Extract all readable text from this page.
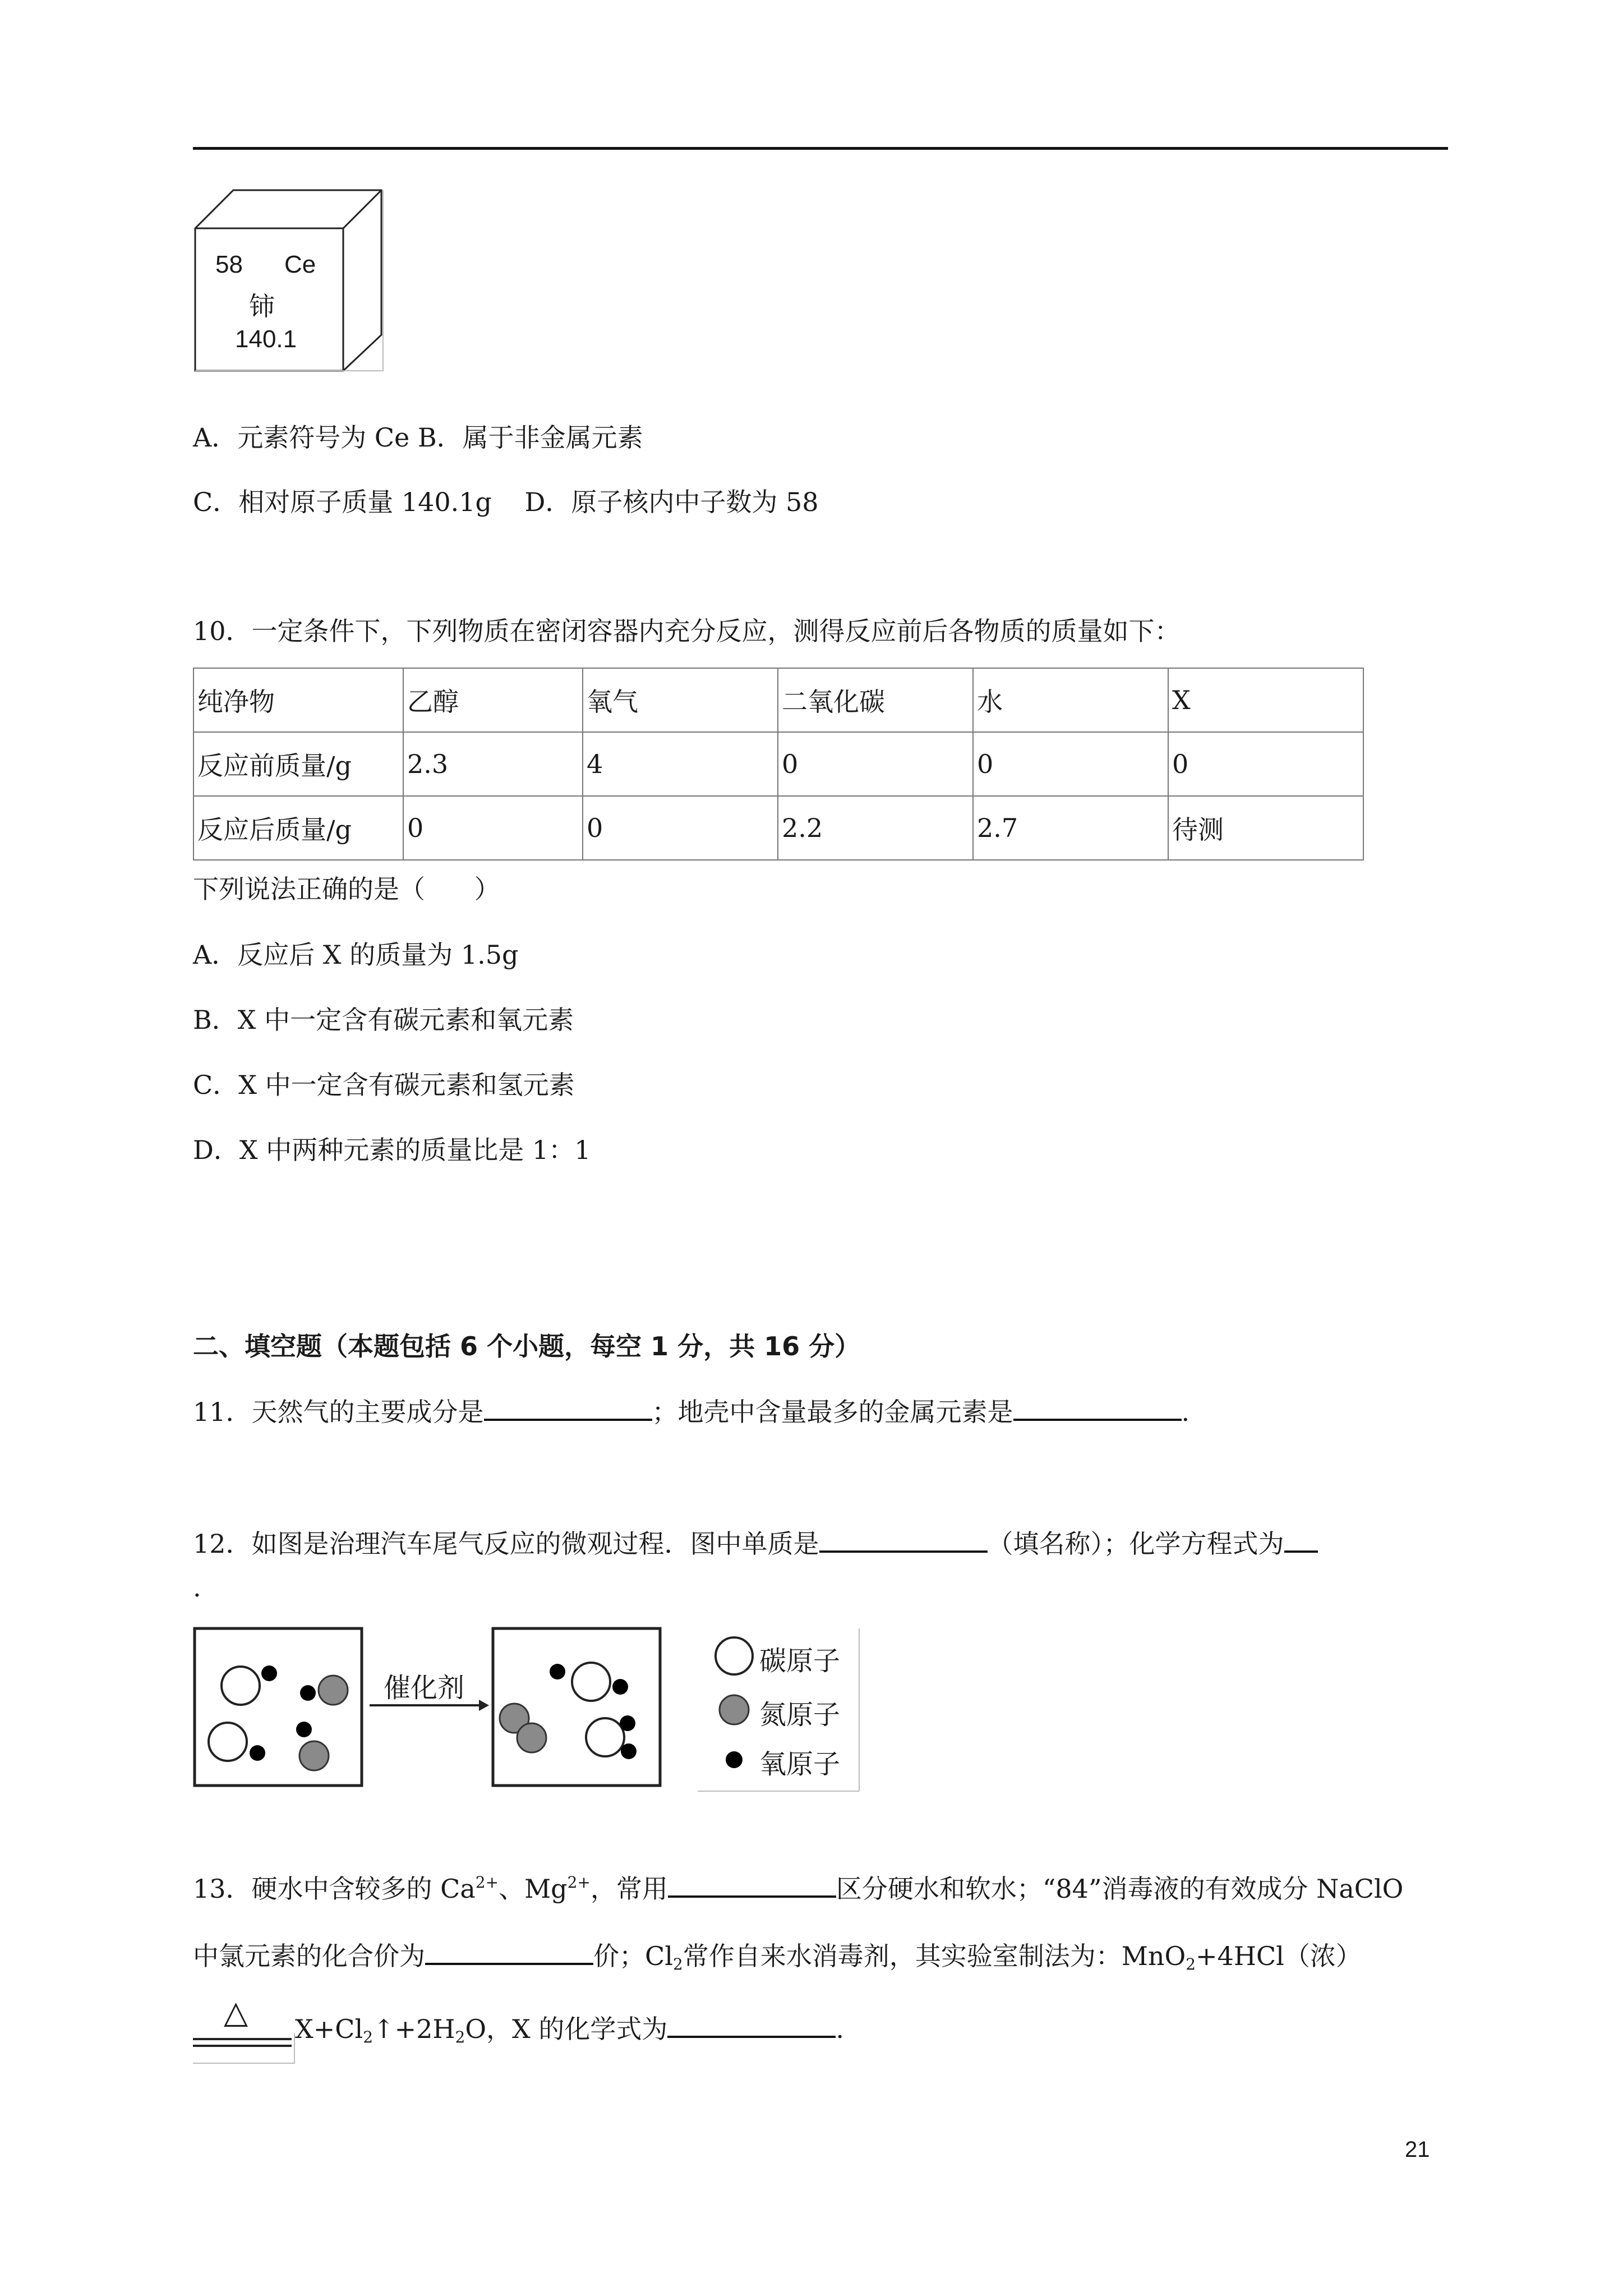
58 Ce
铈
140.1
A．元素符号为 Ce B．属于非金属元素
C．相对原子质量 140.1g    D．原子核内中子数为 58
10．一定条件下，下列物质在密闭容器内充分反应，测得反应前后各物质的质量如下：
纯净物	乙醇	氧气	二氧化碳	水	X
反应前质量/g	2.3	4	0	0	0
反应后质量/g	0	0	2.2	2.7	待测
下列说法正确的是（      ）
A．反应后 X 的质量为 1.5g
B．X 中一定含有碳元素和氧元素
C．X 中一定含有碳元素和氢元素
D．X 中两种元素的质量比是 1：1
二、填空题（本题包括 6 个小题，每空 1 分，共 16 分）
11．天然气的主要成分是	；地壳中含量最多的金属元素是	.
12．如图是治理汽车尾气反应的微观过程．图中单质是	（填名称）；化学方程式为
.
催化剂
碳原子
氮原子
氧原子
13．硬水中含较多的 $Ca^{2+}$、$Mg^{2+}$，常用	区分硬水和软水；“84”消毒液的有效成分 NaClO
中氯元素的化合价为	价；$Cl_2$常作自来水消毒剂，其实验室制法为：MnO$_2$+4HCl（浓）
△ $X+Cl_2↑+2H_2O$，X 的化学式为	.
21
